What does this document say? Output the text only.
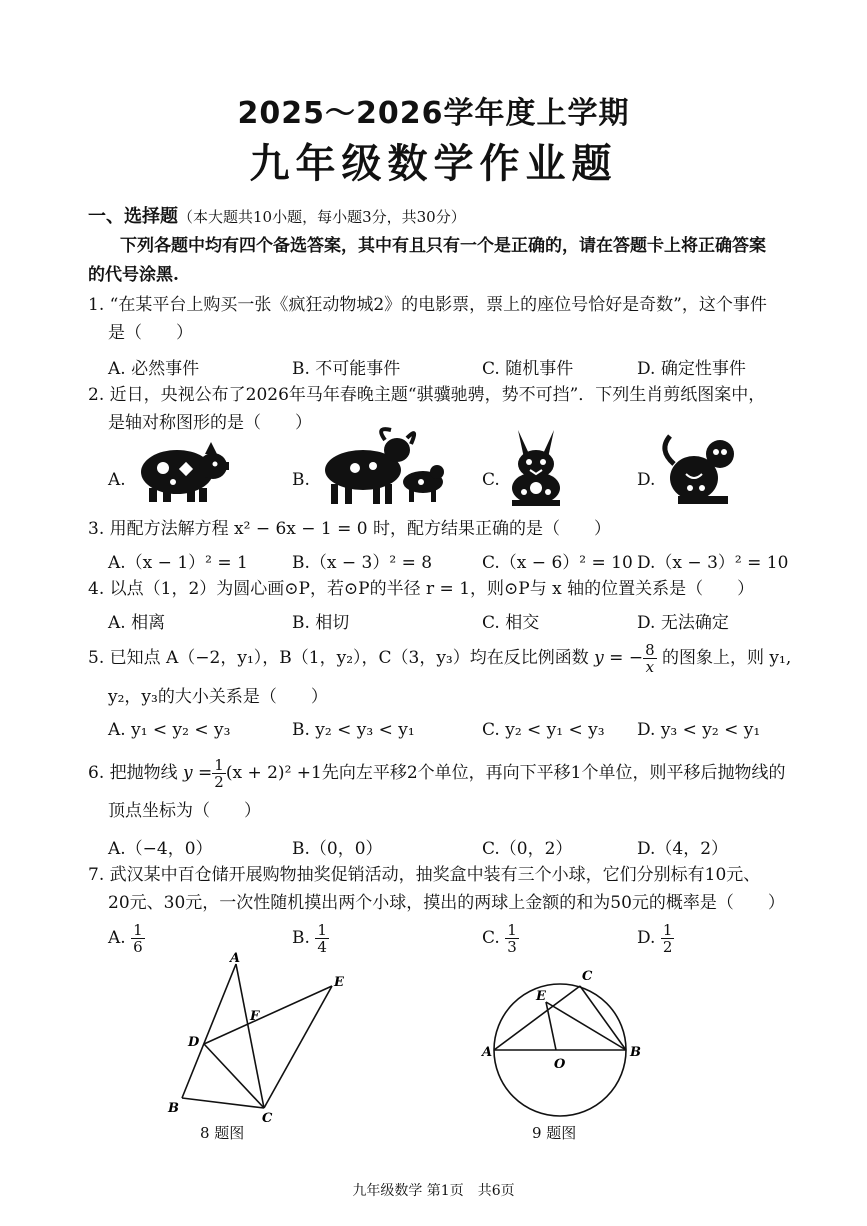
2025～2026学年度上学期
九年级数学作业题
一、选择题（本大题共10小题，每小题3分，共30分）
下列各题中均有四个备选答案，其中有且只有一个是正确的，请在答题卡上将正确答案
的代号涂黑.
1. “在某平台上购买一张《疯狂动物城2》的电影票，票上的座位号恰好是奇数”，这个事件
是（　　）
A. 必然事件	B. 不可能事件	C. 随机事件	D. 确定性事件
2. 近日，央视公布了2026年马年春晚主题“骐骥驰骋，势不可挡”．下列生肖剪纸图案中，
是轴对称图形的是（　　）
A.	B.	C.	D.
3. 用配方法解方程 x² − 6x − 1 = 0 时，配方结果正确的是（　　）
A.（x − 1）² = 1	B.（x − 3）² = 8	C.（x − 6）² = 10 D.（x − 3）² = 10
4. 以点（1，2）为圆心画⊙P，若⊙P的半径 r = 1，则⊙P与 x 轴的位置关系是（　　）
A. 相离	B. 相切	C. 相交	D. 无法确定
5. 已知点 A（−2，y₁），B（1，y₂），C（3，y₃）均在反比例函数 y = − $\frac{8}{x}$ 的图象上，则 y₁,
y₂，y₃的大小关系是（　　）
A. y₁ < y₂ < y₃	B. y₂ < y₃ < y₁	C. y₂ < y₁ < y₃ D. y₃ < y₂ < y₁
6. 把抛物线 $y = \frac{1}{2} (x + 2)^2 +1$先向左平移2个单位，再向下平移1个单位，则平移后抛物线的
顶点坐标为（　　）
A.（−4，0）	B.（0，0）	C.（0，2）	D.（4，2）
7. 武汉某中百仓储开展购物抽奖促销活动，抽奖盒中装有三个小球，它们分别标有10元、
20元、30元，一次性随机摸出两个小球，摸出的两球上金额的和为50元的概率是（　　）
A. $\frac{1}{6}$	B. $\frac{1}{4}$	C. $\frac{1}{3}$	D. $\frac{1}{2}$
A
B
C
D
E
F
8 题图
C
E
A	B
O
9 题图
九年级数学 第1页　共6页
